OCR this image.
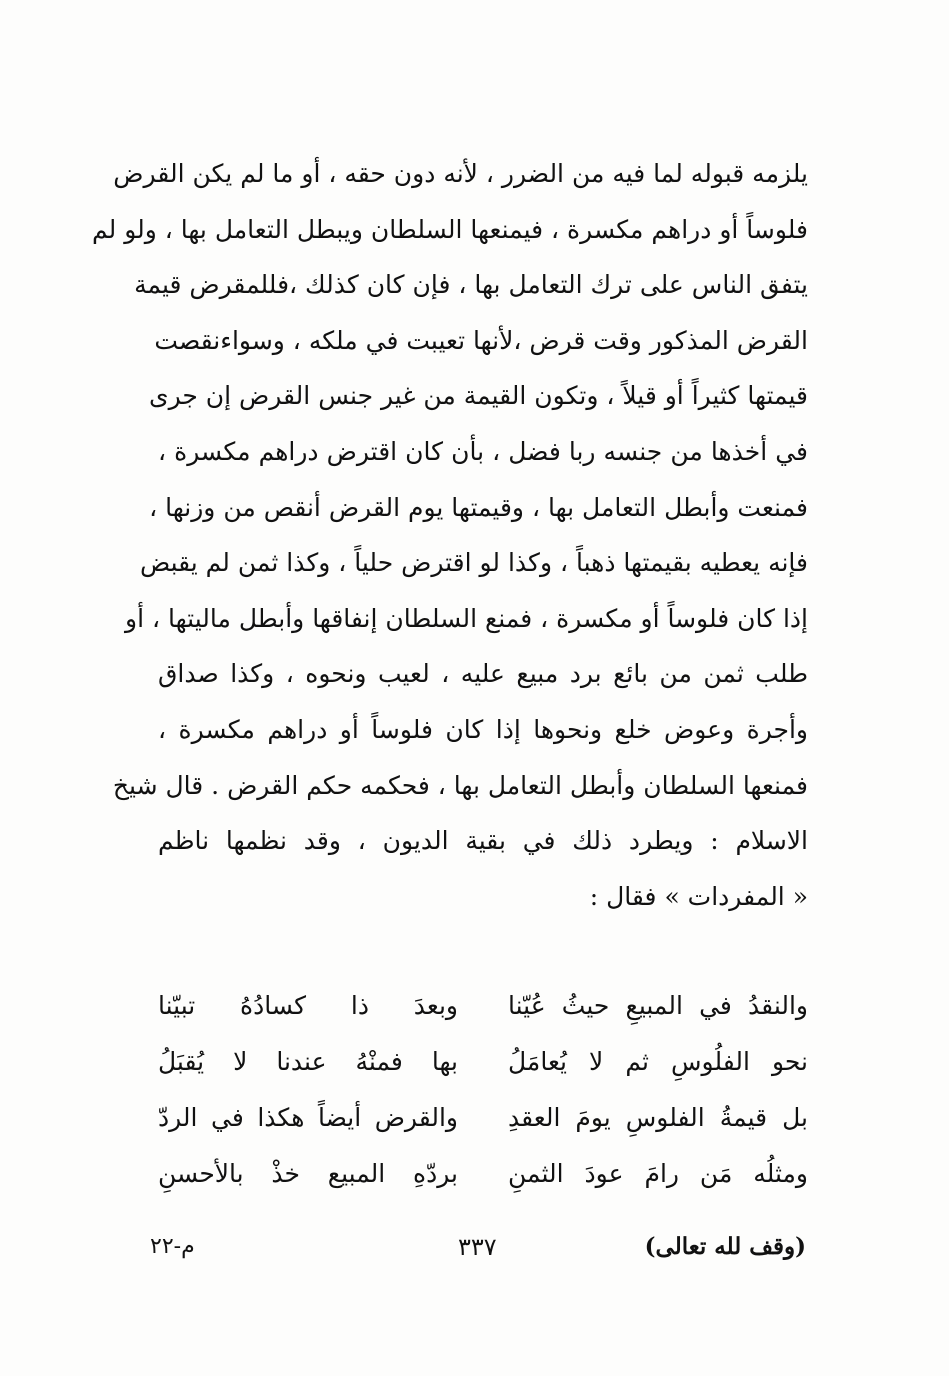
يلزمه قبوله لما فيه من الضرر ، لأنه دون حقه ، أو ما لم يكن القرض
فلوساً أو دراهم مكسرة ، فيمنعها السلطان ويبطل التعامل بها ، ولو لم
يتفق الناس على ترك التعامل بها ، فإن كان كذلك ،فللمقرض قيمة
القرض المذكور وقت قرض ،لأنها تعيبت في ملكه ، وسواءنقصت
قيمتها كثيراً أو قيلاً ، وتكون القيمة من غير جنس القرض إن جرى
في أخذها من جنسه ربا فضل ، بأن كان اقترض دراهم مكسرة ،
فمنعت وأبطل التعامل بها ، وقيمتها يوم القرض أنقص من وزنها ،
فإنه يعطيه بقيمتها ذهباً ، وكذا لو اقترض حلياً ، وكذا ثمن لم يقبض
إذا كان فلوساً أو مكسرة ، فمنع السلطان إنفاقها وأبطل ماليتها ، أو
طلب ثمن من بائع برد مبيع عليه ، لعيب ونحوه ، وكذا صداق
وأجرة وعوض خلع ونحوها إذا كان فلوساً أو دراهم مكسرة ،
فمنعها السلطان وأبطل التعامل بها ، فحكمه حكم القرض . قال شيخ
الاسلام : ويطرد ذلك في بقية الديون ، وقد نظمها ناظم
« المفردات » فقال :
والنقدُ في المبيعِ حيثُ عُيّنا
وبعدَ ذا كسادُهُ تبيّنا
نحو الفلُوسِ ثم لا يُعامَلُ
بها فمنْهُ عندنا لا يُقبَلُ
بل قيمةُ الفلوسِ يومَ العقدِ
والقرض أيضاً هكذا في الردّ
ومثلُه مَن رامَ عودَ الثمنِ
بردّهِ المبيع خذْ بالأحسنِ
(وقف لله تعالى)
٣٣٧
م-٢٢
